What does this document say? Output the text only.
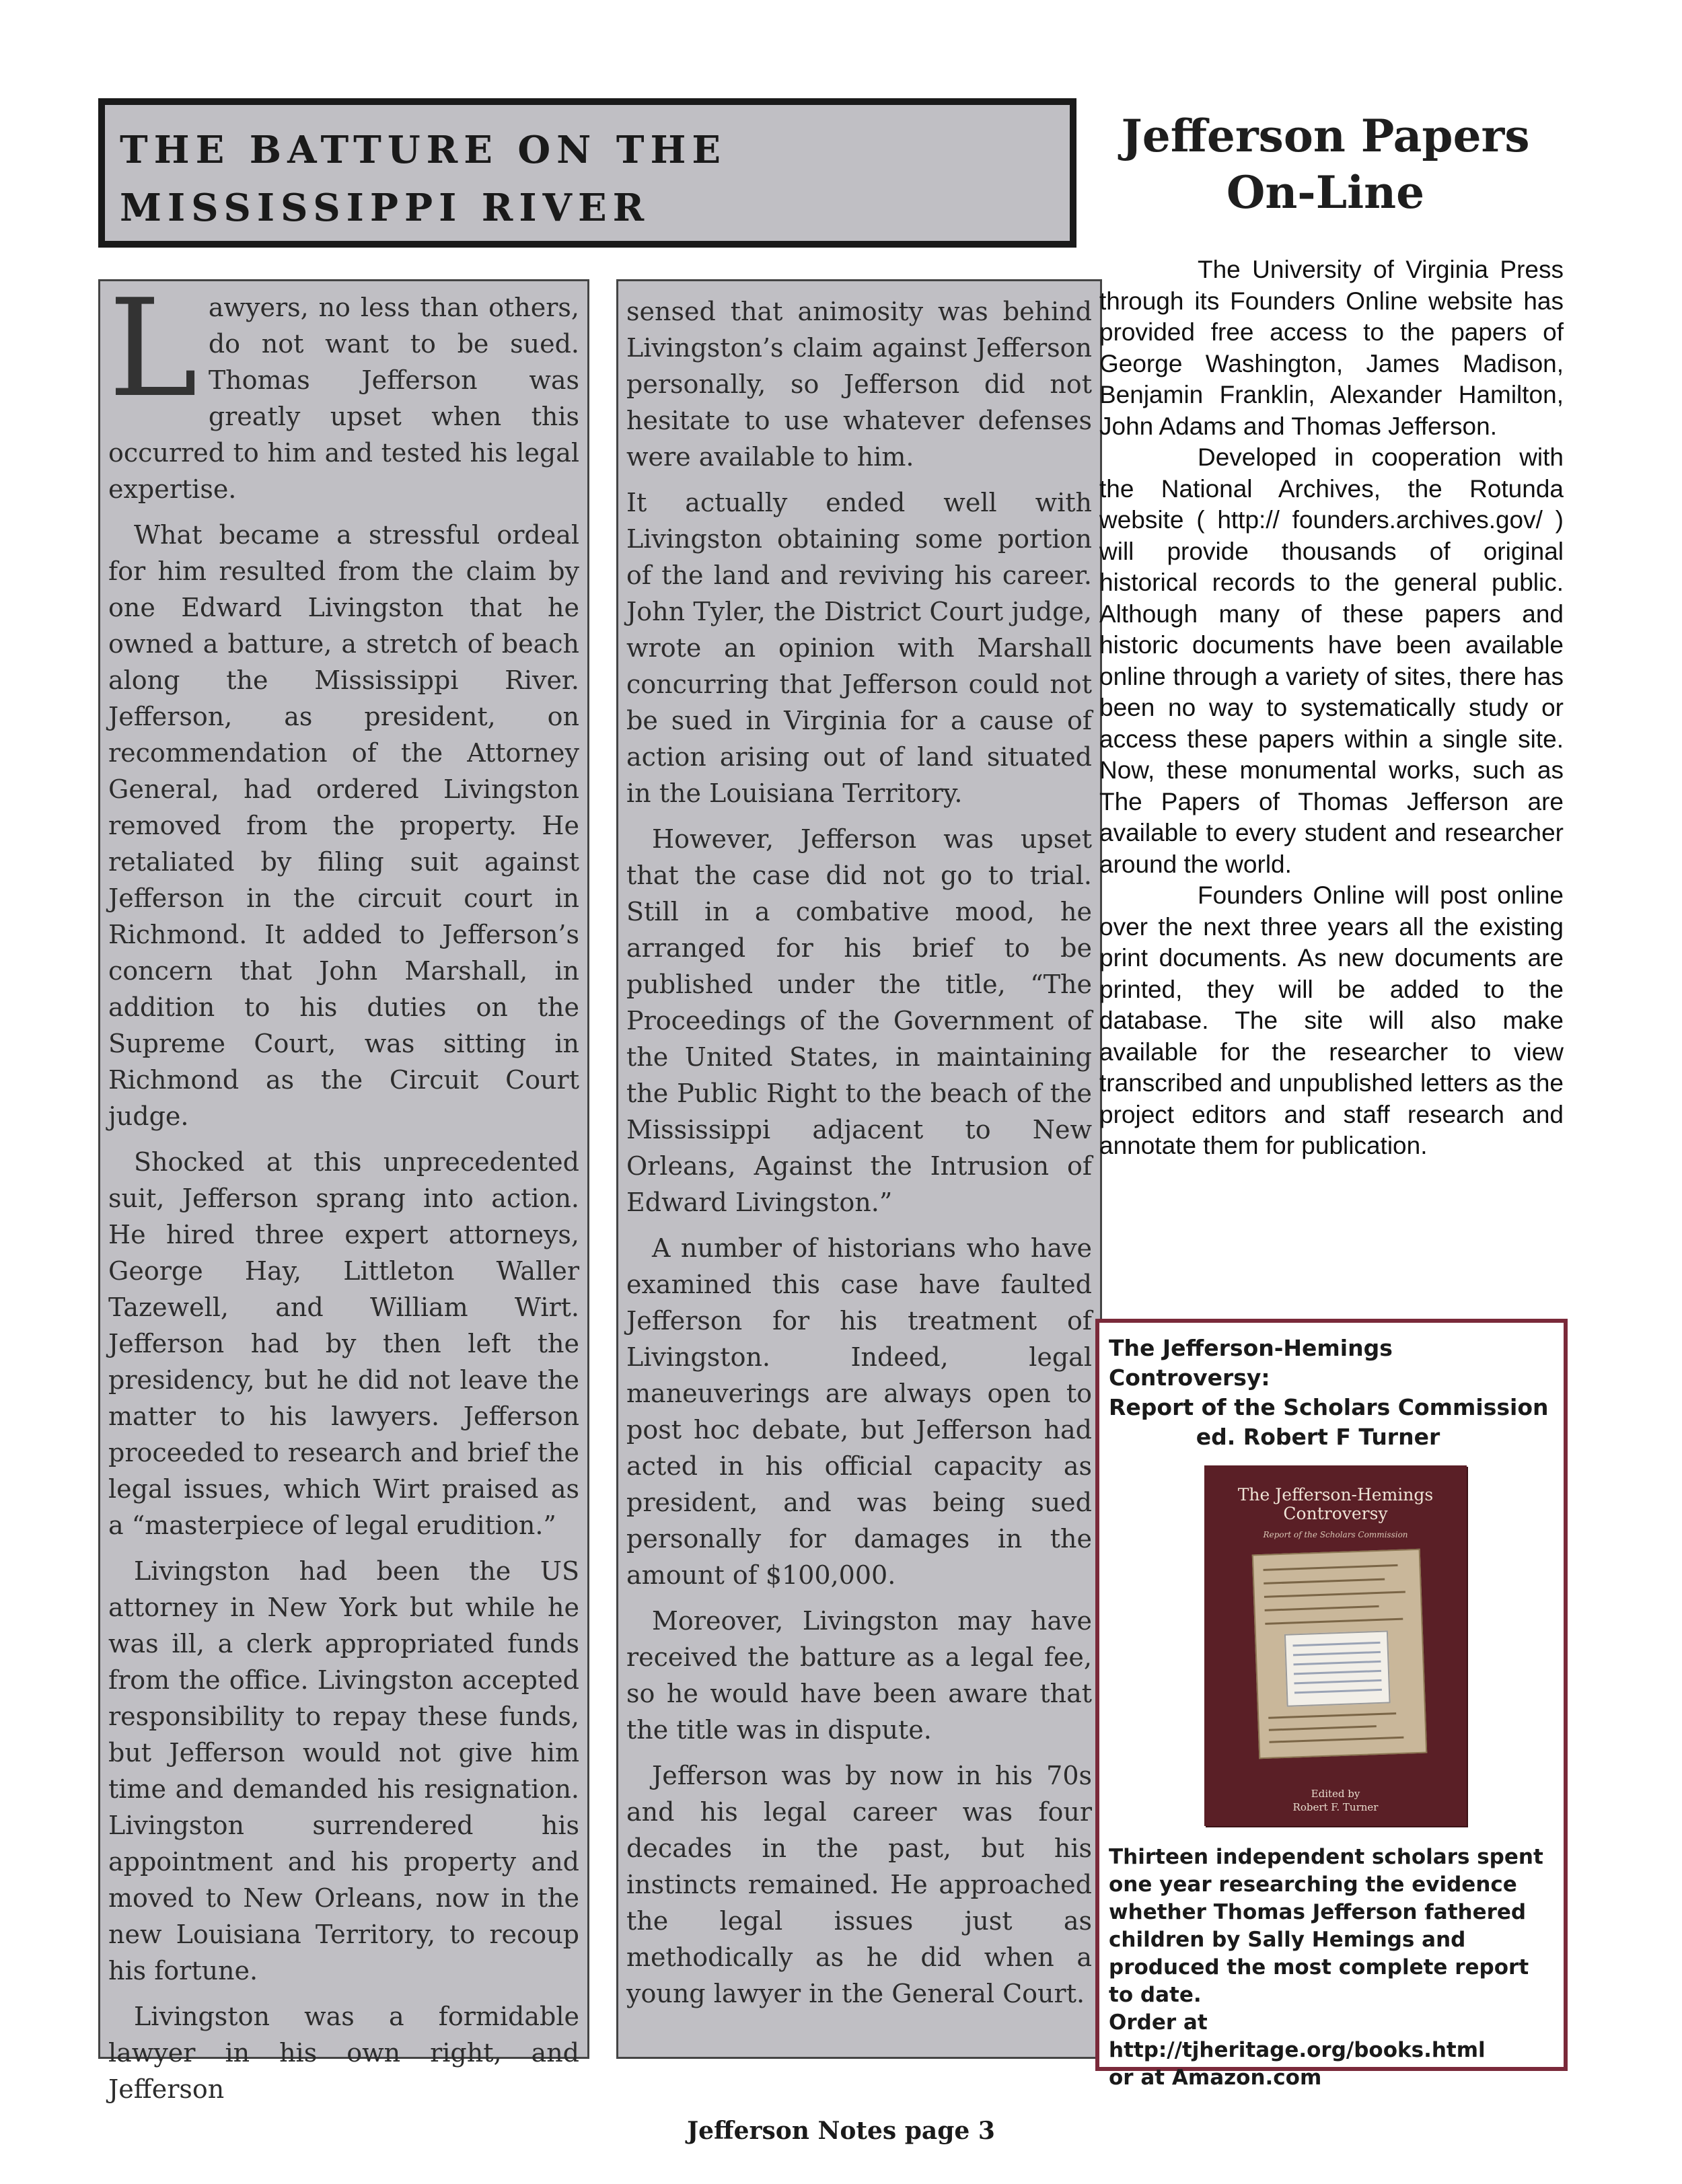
THE BATTURE ON THE

MISSISSIPPI RIVER

Lawyers, no less than others, do not want to be sued. Thomas Jefferson was greatly upset when this occurred to him and tested his legal expertise.

What became a stressful ordeal for him resulted from the claim by one Edward Livingston that he owned a batture, a stretch of beach along the Mississippi River. Jefferson, as president, on recommendation of the Attorney General, had ordered Livingston removed from the property. He retaliated by filing suit against Jefferson in the circuit court in Richmond. It added to Jefferson’s concern that John Marshall, in addition to his duties on the Supreme Court, was sitting in Richmond as the Circuit Court judge.

Shocked at this unprecedented suit, Jefferson sprang into action. He hired three expert attorneys, George Hay, Littleton Waller Tazewell, and William Wirt. Jefferson had by then left the presidency, but he did not leave the matter to his lawyers. Jefferson proceeded to research and brief the legal issues, which Wirt praised as a “masterpiece of legal erudition.”

Livingston had been the US attorney in New York but while he was ill, a clerk appropriated funds from the office. Livingston accepted responsibility to repay these funds, but Jefferson would not give him time and demanded his resignation. Livingston surrendered his appointment and his property and moved to New Orleans, now in the new Louisiana Territory, to recoup his fortune.

Livingston was a formidable lawyer in his own right, and Jefferson

sensed that animosity was behind Livingston’s claim against Jefferson personally, so Jefferson did not hesitate to use whatever defenses were available to him.

It actually ended well with Livingston obtaining some portion of the land and reviving his career. John Tyler, the District Court judge, wrote an opinion with Marshall concurring that Jefferson could not be sued in Virginia for a cause of action arising out of land situated in the Louisiana Territory.

However, Jefferson was upset that the case did not go to trial. Still in a combative mood, he arranged for his brief to be published under the title, “The Proceedings of the Government of the United States, in maintaining the Public Right to the beach of the Mississippi adjacent to New Orleans, Against the Intrusion of Edward Livingston.”

A number of historians who have examined this case have faulted Jefferson for his treatment of Livingston. Indeed, legal maneuverings are always open to post hoc debate, but Jefferson had acted in his official capacity as president, and was being sued personally for damages in the amount of $100,000.

Moreover, Livingston may have received the batture as a legal fee, so he would have been aware that the title was in dispute.

Jefferson was by now in his 70s and his legal career was four decades in the past, but his instincts remained. He approached the legal issues just as methodically as he did when a young lawyer in the General Court.

Jefferson Papers
On-Line

The University of Virginia Press through its Founders Online website has provided free access to the papers of George Washington, James Madison, Benjamin Franklin, Alexander Hamilton, John Adams and Thomas Jefferson.

Developed in cooperation with the National Archives, the Rotunda website ( http:// founders.archives.gov/ ) will provide thousands of original historical records to the general public. Although many of these papers and historic documents have been available online through a variety of sites, there has been no way to systematically study or access these papers within a single site. Now, these monumental works, such as The Papers of Thomas Jefferson are available to every student and researcher around the world.

Founders Online will post online over the next three years all the existing print documents. As new documents are printed, they will be added to the database. The site will also make available for the researcher to view transcribed and unpublished letters as the project editors and staff research and annotate them for publication.

The Jefferson-Hemings Controversy:
Report of the Scholars Commission
ed. Robert F Turner
The Jefferson-Hemings Controversy
Report of the Scholars Commission
Edited by
Robert F. Turner
Thirteen independent scholars spent one year researching the evidence whether Thomas Jefferson fathered children by Sally Hemings and produced the most complete report to date.
Order at
http://tjheritage.org/books.html
or at Amazon.com
Jefferson Notes page 3
